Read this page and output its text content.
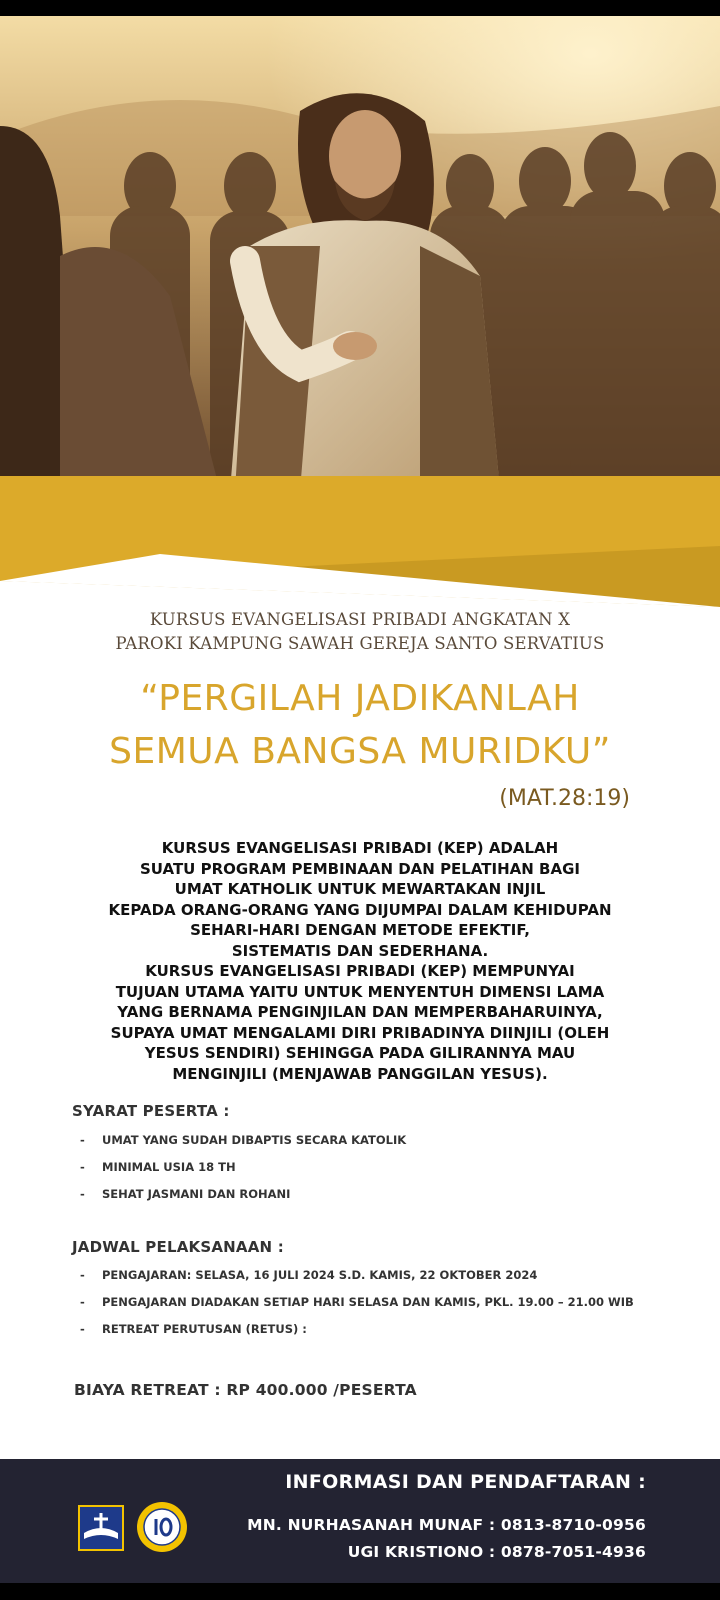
KURSUS EVANGELISASI PRIBADI ANGKATAN X
PAROKI KAMPUNG SAWAH GEREJA SANTO SERVATIUS
“PERGILAH JADIKANLAH
SEMUA BANGSA MURIDKU”
(MAT.28:19)
KURSUS EVANGELISASI PRIBADI (KEP) ADALAH
SUATU PROGRAM PEMBINAAN DAN PELATIHAN BAGI
UMAT KATHOLIK UNTUK MEWARTAKAN INJIL
KEPADA ORANG-ORANG YANG DIJUMPAI DALAM KEHIDUPAN
SEHARI-HARI DENGAN METODE EFEKTIF,
SISTEMATIS DAN SEDERHANA.
KURSUS EVANGELISASI PRIBADI (KEP) MEMPUNYAI
TUJUAN UTAMA YAITU UNTUK MENYENTUH DIMENSI LAMA
YANG BERNAMA PENGINJILAN DAN MEMPERBAHARUINYA,
SUPAYA UMAT MENGALAMI DIRI PRIBADINYA DIINJILI (OLEH
YESUS SENDIRI) SEHINGGA PADA GILIRANNYA MAU
MENGINJILI (MENJAWAB PANGGILAN YESUS).
SYARAT PESERTA :
- UMAT YANG SUDAH DIBAPTIS SECARA KATOLIK
- MINIMAL USIA 18 TH
- SEHAT JASMANI DAN ROHANI
JADWAL PELAKSANAAN :
- PENGAJARAN: SELASA, 16 JULI 2024 S.D. KAMIS, 22 OKTOBER 2024
- PENGAJARAN DIADAKAN SETIAP HARI SELASA DAN KAMIS, PKL. 19.00 – 21.00 WIB
- RETREAT PERUTUSAN (RETUS) :
BIAYA RETREAT : RP 400.000 /PESERTA
INFORMASI DAN PENDAFTARAN :
MN. NURHASANAH MUNAF : 0813-8710-0956
UGI KRISTIONO : 0878-7051-4936
